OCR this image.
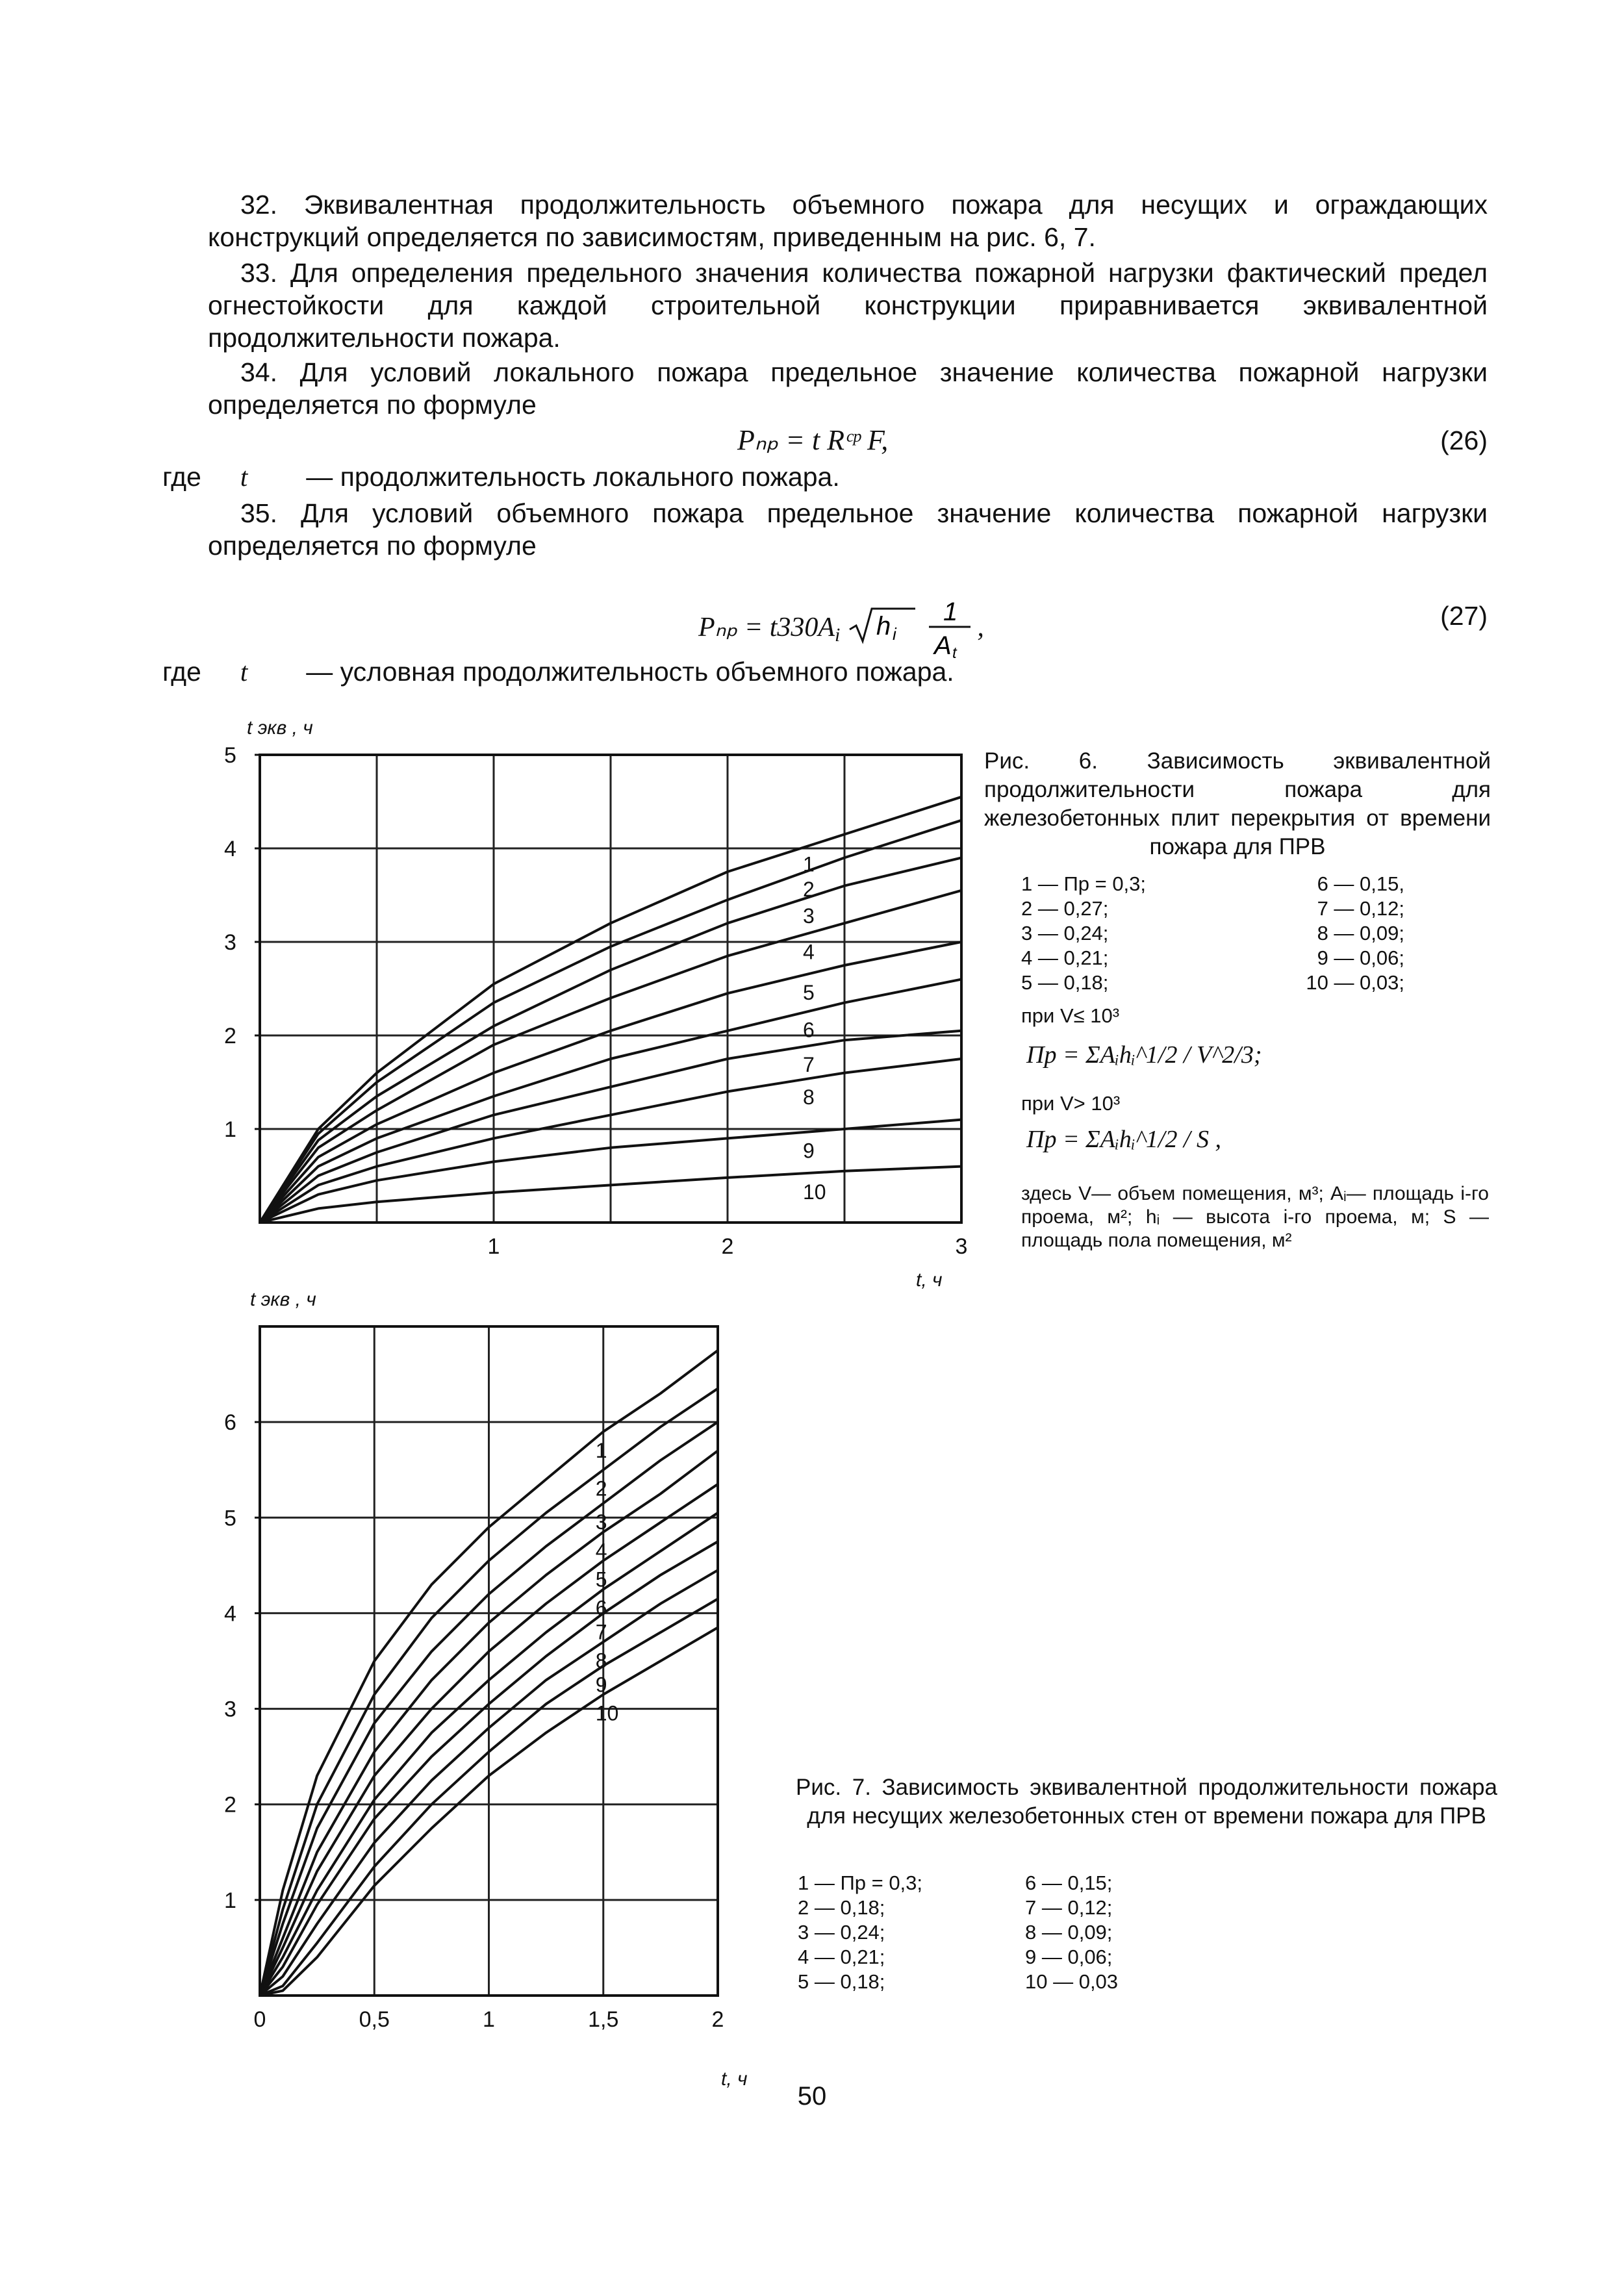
32. Эквивалентная продолжительность объемного пожара для несущих и ограждающих конструкций определяется по зависимостям, приведенным на рис. 6, 7.

33. Для определения предельного значения количества пожарной нагрузки фактический предел огнестойкости для каждой строительной конструкции приравнивается эквивалентной продолжительности пожара.

34. Для условий локального пожара предельное значение количества пожарной нагрузки определяется по формуле

Pₙₚ = t Rᶜᵖ F,	(26)
где t — продолжительность локального пожара.

35. Для условий объемного пожара предельное значение количества пожарной нагрузки определяется по формуле

Pₙₚ = t330Ai h i

1
A t
,	(27)
где t — условная продолжительность объемного пожара.
1
2
3
4
5
1	2	3
t экв , ч
t, ч
1
2
3
4
5
6
7
8
9
10

Рис. 6. Зависимость эквивалентной продолжительности пожара для железобетонных плит перекрытия от времени пожара для ПРВ

1 — Пр = 0,3;	6 — 0,15,
2 — 0,27;	7 — 0,12;
3 — 0,24;	8 — 0,09;
4 — 0,21;	9 — 0,06;
5 — 0,18;	10 — 0,03;
при V≤ 10³
Пр = ΣAᵢhᵢ^1/2 / V^2/3;
при V> 10³
Пр = ΣAᵢhᵢ^1/2 / S ,

здесь V— объем помещения, м³; Aᵢ— площадь i-го проема, м²; hᵢ — высота i-го проема, м; S — площадь пола помещения, м²

1
2
3
4
5
6
0	0,5	1	1,5	2
t экв , ч
t, ч
1
2
3
4
5
6
7
8
9
10

Рис. 7. Зависимость эквивалентной продолжительности пожара для несущих железобетонных стен от времени пожара для ПРВ

1 — Пр = 0,3;	6 — 0,15;
2 — 0,18;	7 — 0,12;
3 — 0,24;	8 — 0,09;
4 — 0,21;	9 — 0,06;
5 — 0,18;	10 — 0,03
50
